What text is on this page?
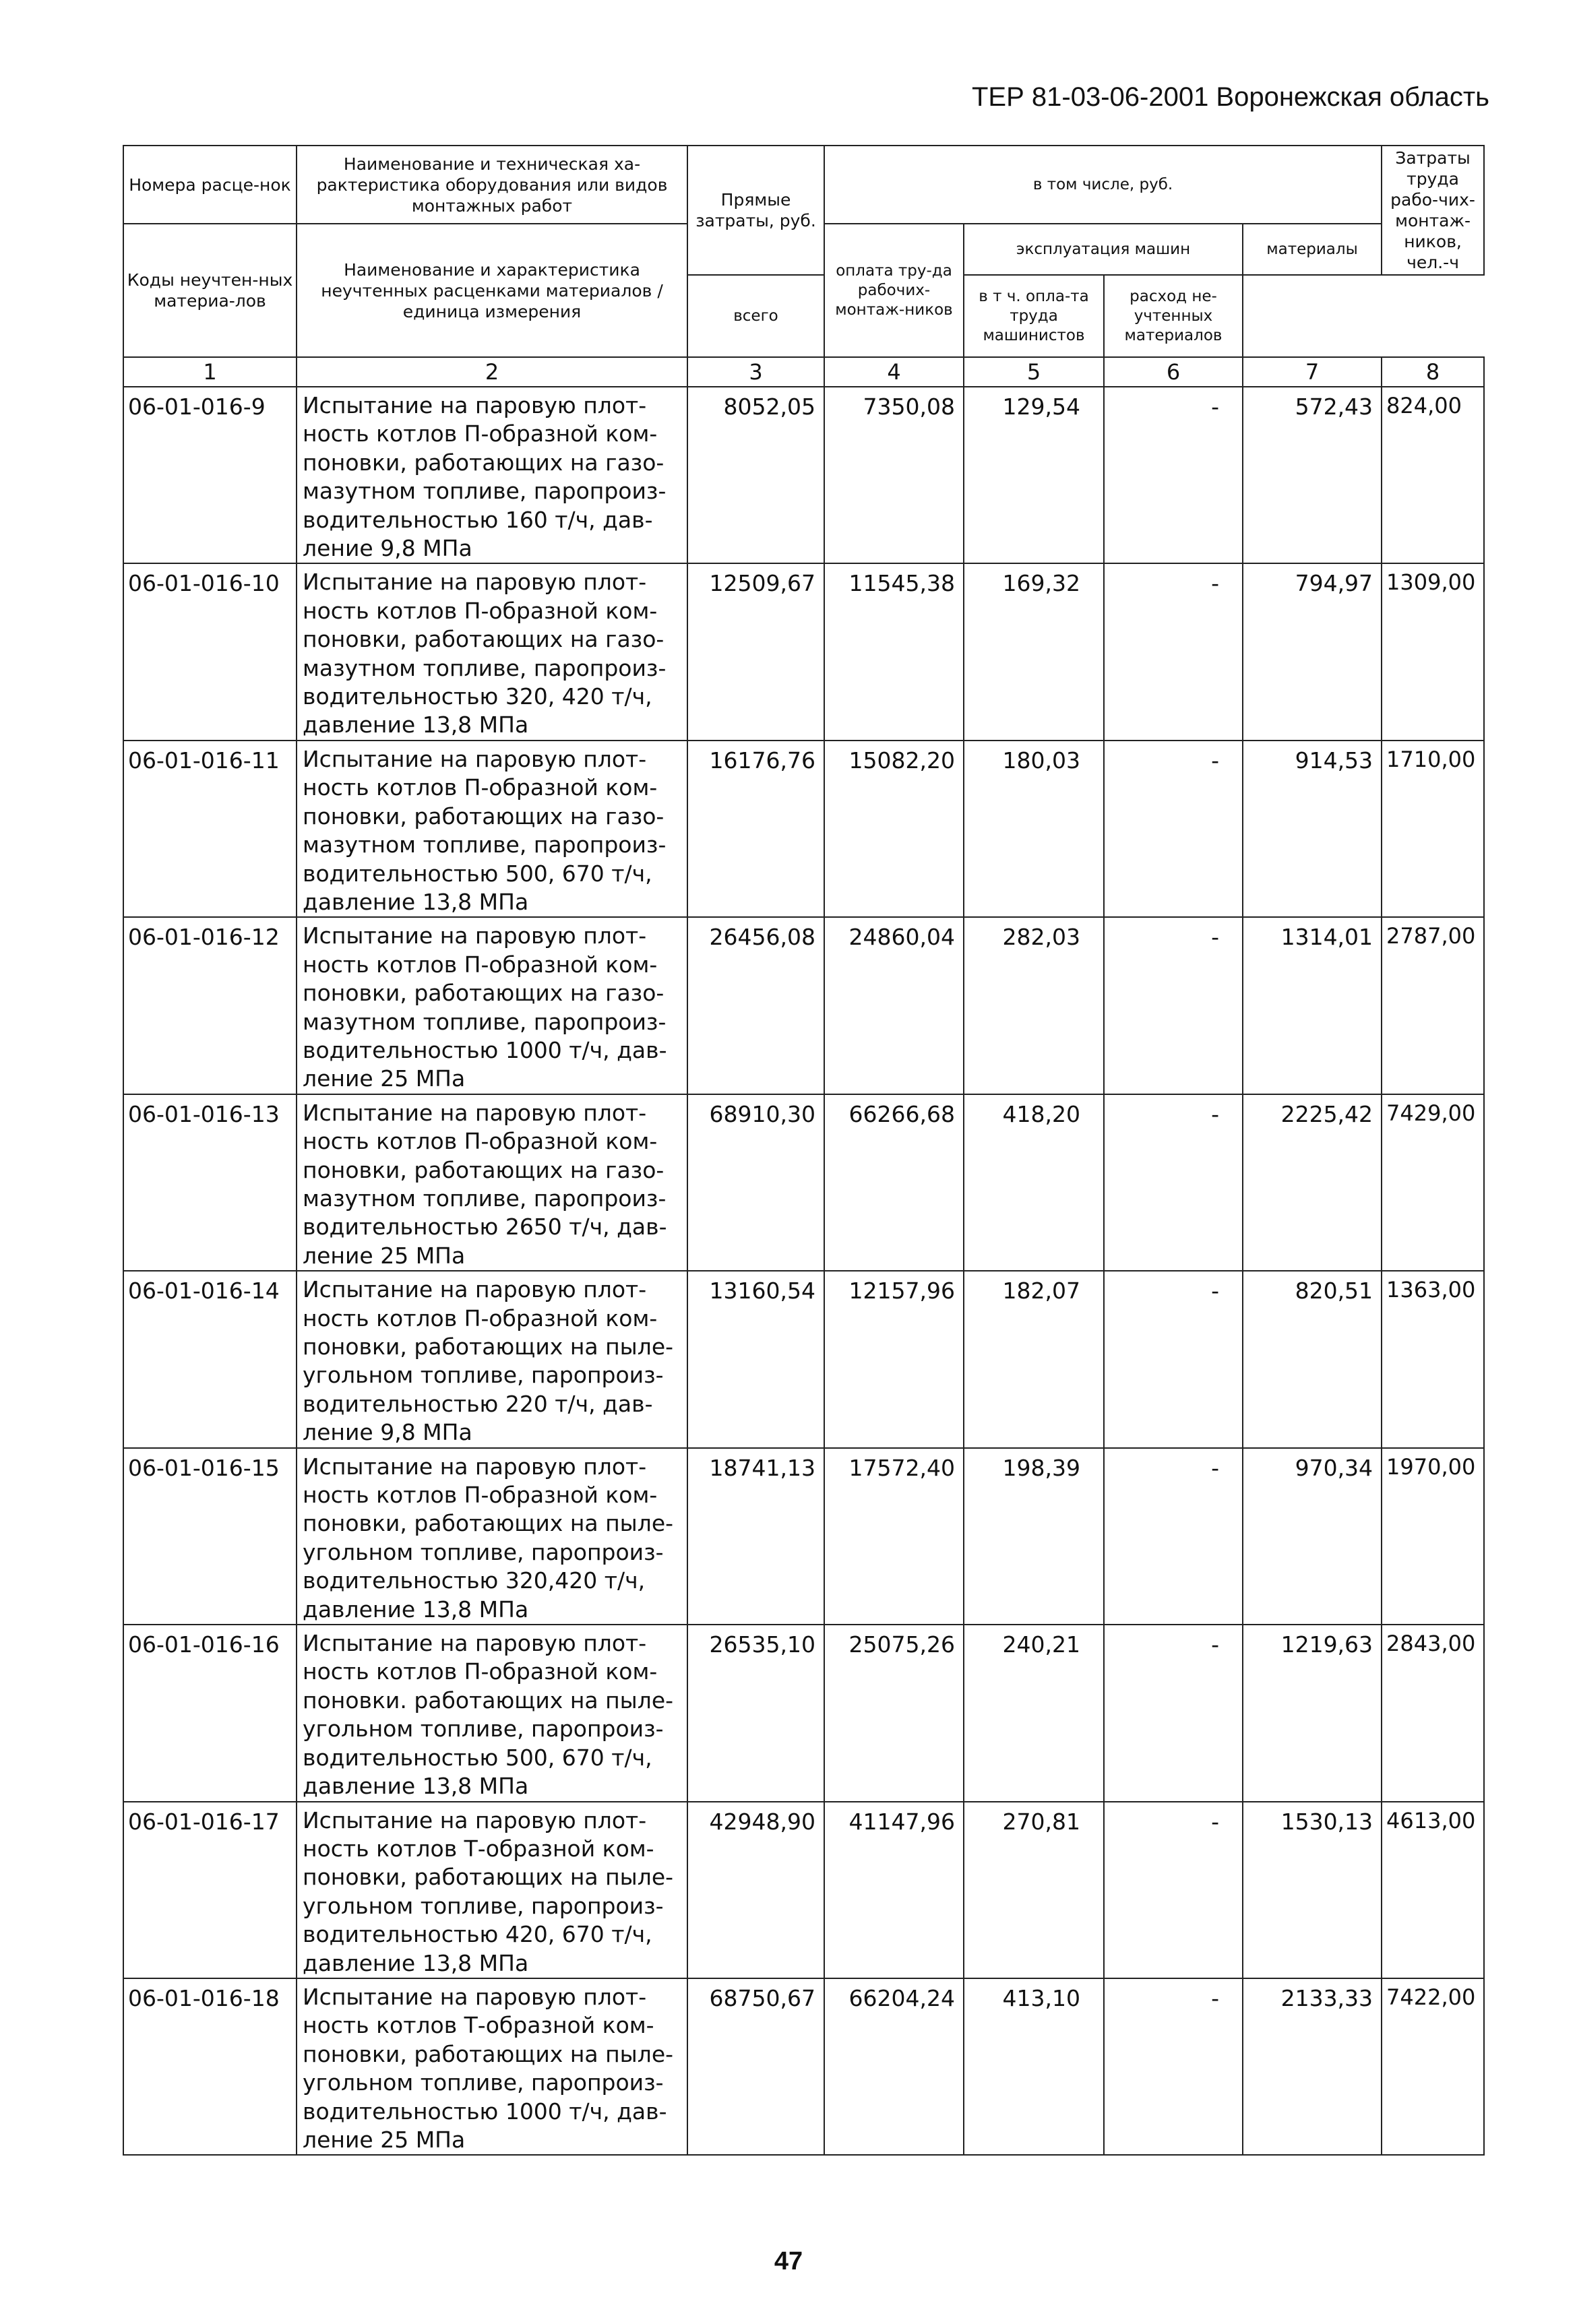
ТЕР 81-03-06-2001 Воронежская область
Номера расце-нок	Наименование и техническая ха-рактеристика оборудования или видов монтажных работ	Прямые затраты, руб.	в том числе, руб.				Затраты труда рабо-чих-монтаж-ников, чел.-ч
Коды неучтен-ных материа-лов	Наименование и характеристика неучтенных расценками материалов / единица измерения		оплата тру-да рабочих-монтаж-ников	эксплуатация машин		материалы	
		всего		в т ч. опла-та труда машинистов	расход не-учтенных материалов		
1	2	3	4	5	6	7	8
06-01-016-9	Испытание на паровую плот-ность котлов П-образной ком-поновки, работающих на газо-мазутном топливе, паропроиз-водительностью 160 т/ч, дав-ление 9,8 МПа	8052,05	7350,08	129,54	-	572,43	824,00
06-01-016-10	Испытание на паровую плот-ность котлов П-образной ком-поновки, работающих на газо-мазутном топливе, паропроиз-водительностью 320, 420 т/ч, давление 13,8 МПа	12509,67	11545,38	169,32	-	794,97	1309,00
06-01-016-11	Испытание на паровую плот-ность котлов П-образной ком-поновки, работающих на газо-мазутном топливе, паропроиз-водительностью 500, 670 т/ч, давление 13,8 МПа	16176,76	15082,20	180,03	-	914,53	1710,00
06-01-016-12	Испытание на паровую плот-ность котлов П-образной ком-поновки, работающих на газо-мазутном топливе, паропроиз-водительностью 1000 т/ч, дав-ление 25 МПа	26456,08	24860,04	282,03	-	1314,01	2787,00
06-01-016-13	Испытание на паровую плот-ность котлов П-образной ком-поновки, работающих на газо-мазутном топливе, паропроиз-водительностью 2650 т/ч, дав-ление 25 МПа	68910,30	66266,68	418,20	-	2225,42	7429,00
06-01-016-14	Испытание на паровую плот-ность котлов П-образной ком-поновки, работающих на пыле-угольном топливе, паропроиз-водительностью 220 т/ч, дав-ление 9,8 МПа	13160,54	12157,96	182,07	-	820,51	1363,00
06-01-016-15	Испытание на паровую плот-ность котлов П-образной ком-поновки, работающих на пыле-угольном топливе, паропроиз-водительностью 320,420 т/ч, давление 13,8 МПа	18741,13	17572,40	198,39	-	970,34	1970,00
06-01-016-16	Испытание на паровую плот-ность котлов П-образной ком-поновки. работающих на пыле-угольном топливе, паропроиз-водительностью 500, 670 т/ч, давление 13,8 МПа	26535,10	25075,26	240,21	-	1219,63	2843,00
06-01-016-17	Испытание на паровую плот-ность котлов Т-образной ком-поновки, работающих на пыле-угольном топливе, паропроиз-водительностью 420, 670 т/ч, давление 13,8 МПа	42948,90	41147,96	270,81	-	1530,13	4613,00
06-01-016-18	Испытание на паровую плот-ность котлов Т-образной ком-поновки, работающих на пыле-угольном топливе, паропроиз-водительностью 1000 т/ч, дав-ление 25 МПа	68750,67	66204,24	413,10	-	2133,33	7422,00
47
